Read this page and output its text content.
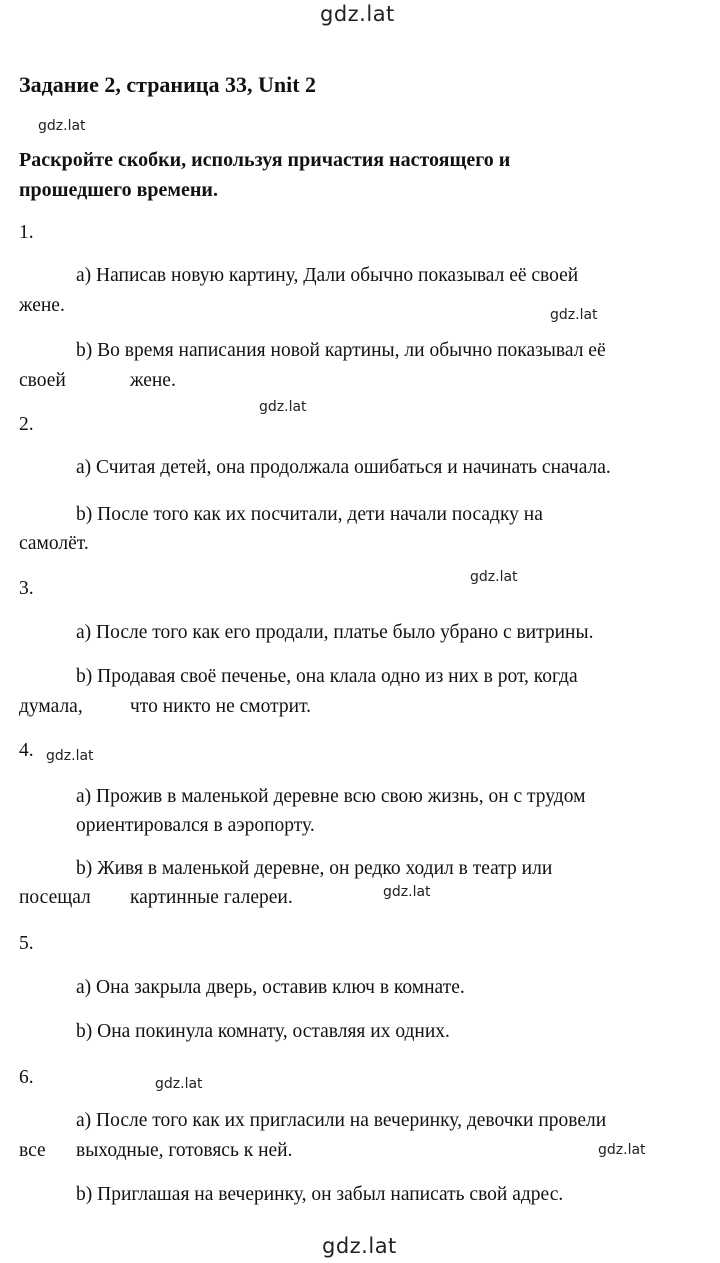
gdz.lat
gdz.lat
gdz.lat
gdz.lat
gdz.lat
gdz.lat
gdz.lat
gdz.lat
gdz.lat
gdz.lat
Задание 2, страница 33, Unit 2
Раскройте скобки, используя причастия настоящего и
прошедшего времени.
1.
a) Написав новую картину, Дали обычно показывал её своей
жене.
b) Во время написания новой картины, ли обычно показывал её
своей	жене.
2.
a) Считая детей, она продолжала ошибаться и начинать сначала.
b) После того как их посчитали, дети начали посадку на
самолёт.
3.
a) После того как его продали, платье было убрано с витрины.
b) Продавая своё печенье, она клала одно из них в рот, когда
думала, что никто не смотрит.
4.
a) Прожив в маленькой деревне всю свою жизнь, он с трудом
ориентировался в аэропорту.
b) Живя в маленькой деревне, он редко ходил в театр или
посещал картинные галереи.
5.
a) Она закрыла дверь, оставив ключ в комнате.
b) Она покинула комнату, оставляя их одних.
6.
a) После того как их пригласили на вечеринку, девочки провели
все выходные, готовясь к ней.
b) Приглашая на вечеринку, он забыл написать свой адрес.
